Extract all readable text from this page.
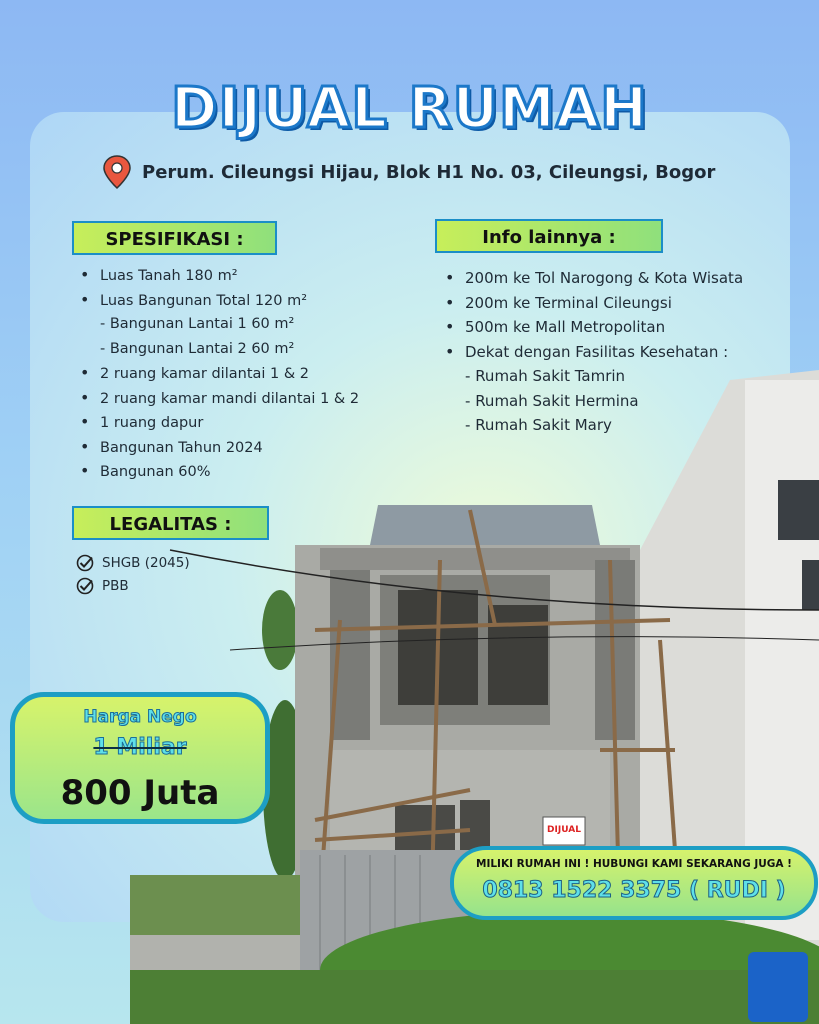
DIJUAL
DIJUAL RUMAH
Perum. Cileungsi Hijau, Blok H1 No. 03, Cileungsi, Bogor
SPESIFIKASI :
• Luas Tanah 180 m²
• Luas Bangunan Total 120 m²
- Bangunan Lantai 1 60 m²
- Bangunan Lantai 2 60 m²
• 2 ruang kamar dilantai 1 & 2
• 2 ruang kamar mandi dilantai 1 & 2
• 1 ruang dapur
• Bangunan Tahun 2024
• Bangunan 60%
Info lainnya :
• 200m ke Tol Narogong & Kota Wisata
• 200m ke Terminal Cileungsi
• 500m ke Mall Metropolitan
• Dekat dengan Fasilitas Kesehatan :
- Rumah Sakit Tamrin
- Rumah Sakit Hermina
- Rumah Sakit Mary
LEGALITAS :
SHGB (2045)
PBB
Harga Nego
1 Miliar
800 Juta
MILIKI RUMAH INI ! HUBUNGI KAMI SEKARANG JUGA !
0813 1522 3375 ( RUDI )
